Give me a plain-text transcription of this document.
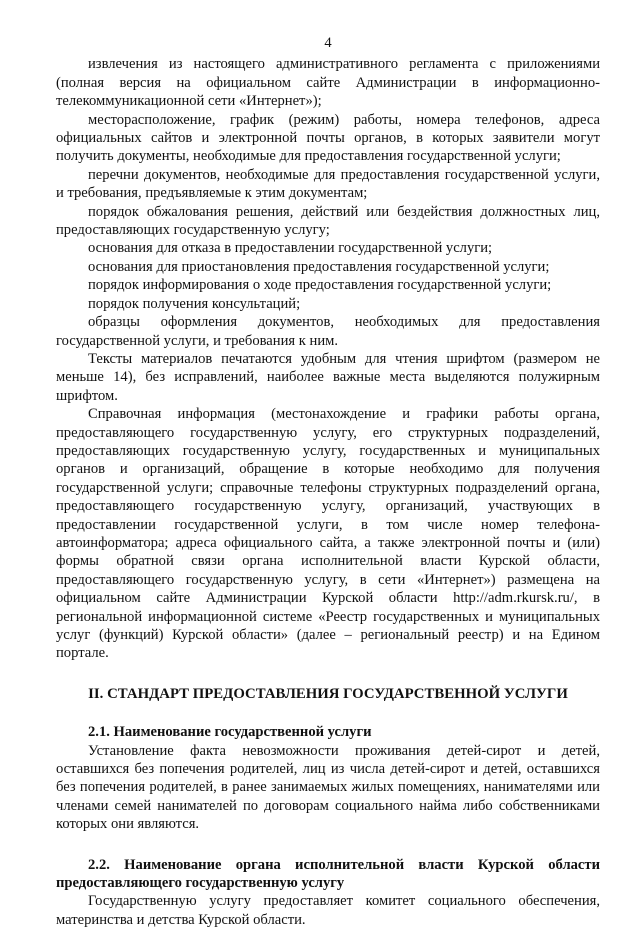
4

извлечения из настоящего административного регламента с приложениями (полная версия на официальном сайте Администрации в информационно-телекоммуникационной сети «Интернет»);

месторасположение, график (режим) работы, номера телефонов, адреса официальных сайтов и электронной почты органов, в которых заявители могут получить документы, необходимые для предоставления государственной услуги;

перечни документов, необходимые для предоставления государственной услуги, и требования, предъявляемые к этим документам;

порядок обжалования решения, действий или бездействия должностных лиц, предоставляющих государственную услугу;

основания для отказа в предоставлении государственной услуги;

основания для приостановления предоставления государственной услуги;

порядок информирования о ходе предоставления государственной услуги;

порядок получения консультаций;

образцы оформления документов, необходимых для предоставления государственной услуги, и требования к ним.

Тексты материалов печатаются удобным для чтения шрифтом (размером не меньше 14), без исправлений, наиболее важные места выделяются полужирным шрифтом.

Справочная информация (местонахождение и графики работы органа, предоставляющего государственную услугу, его структурных подразделений, предоставляющих государственную услугу, государственных и муниципальных органов и организаций, обращение в которые необходимо для получения государственной услуги; справочные телефоны структурных подразделений органа, предоставляющего государственную услугу, организаций, участвующих в предоставлении государственной услуги, в том числе номер телефона-автоинформатора; адреса официального сайта, а также электронной почты и (или) формы обратной связи органа исполнительной власти Курской области, предоставляющего государственную услугу, в сети «Интернет») размещена на официальном сайте Администрации Курской области http://adm.rkursk.ru/, в региональной информационной системе «Реестр государственных и муниципальных услуг (функций) Курской области» (далее – региональный реестр) и на Едином портале.

II. СТАНДАРТ ПРЕДОСТАВЛЕНИЯ ГОСУДАРСТВЕННОЙ УСЛУГИ

2.1. Наименование государственной услуги

Установление факта невозможности проживания детей-сирот и детей, оставшихся без попечения родителей, лиц из числа детей-сирот и детей, оставшихся без попечения родителей, в ранее занимаемых жилых помещениях, нанимателями или членами семей нанимателей по договорам социального найма либо собственниками которых они являются.

2.2. Наименование органа исполнительной власти Курской области предоставляющего государственную услугу

Государственную услугу предоставляет комитет социального обеспечения, материнства и детства Курской области.
